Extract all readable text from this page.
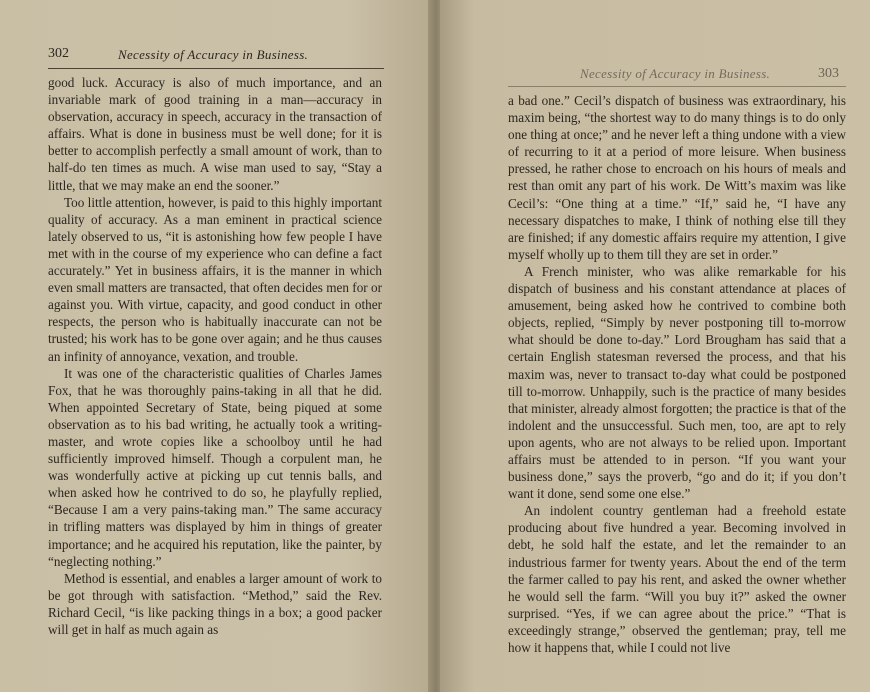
302	Necessity of Accuracy in Business.

good luck. Accuracy is also of much importance, and an invariable mark of good training in a man—accuracy in observation, accuracy in speech, accuracy in the transaction of affairs. What is done in business must be well done; for it is better to accomplish perfectly a small amount of work, than to half-do ten times as much. A wise man used to say, “Stay a little, that we may make an end the sooner.”

Too little attention, however, is paid to this highly important quality of accuracy. As a man eminent in practical science lately observed to us, “it is astonishing how few people I have met with in the course of my experience who can define a fact accurately.” Yet in business affairs, it is the manner in which even small matters are transacted, that often decides men for or against you. With virtue, capacity, and good conduct in other respects, the person who is habitually inaccurate can not be trusted; his work has to be gone over again; and he thus causes an infinity of annoyance, vexation, and trouble.

It was one of the characteristic qualities of Charles James Fox, that he was thoroughly pains-taking in all that he did. When appointed Secretary of State, being piqued at some observation as to his bad writing, he actually took a writing-master, and wrote copies like a schoolboy until he had sufficiently improved himself. Though a corpulent man, he was wonderfully active at picking up cut tennis balls, and when asked how he contrived to do so, he playfully replied, “Because I am a very pains-taking man.” The same accuracy in trifling matters was displayed by him in things of greater importance; and he acquired his reputation, like the painter, by “neglecting nothing.”

Method is essential, and enables a larger amount of work to be got through with satisfaction. “Method,” said the Rev. Richard Cecil, “is like packing things in a box; a good packer will get in half as much again as

Necessity of Accuracy in Business.	303

a bad one.” Cecil’s dispatch of business was extraordinary, his maxim being, “the shortest way to do many things is to do only one thing at once;” and he never left a thing undone with a view of recurring to it at a period of more leisure. When business pressed, he rather chose to encroach on his hours of meals and rest than omit any part of his work. De Witt’s maxim was like Cecil’s: “One thing at a time.” “If,” said he, “I have any necessary dispatches to make, I think of nothing else till they are finished; if any domestic affairs require my attention, I give myself wholly up to them till they are set in order.”

A French minister, who was alike remarkable for his dispatch of business and his constant attendance at places of amusement, being asked how he contrived to combine both objects, replied, “Simply by never postponing till to-morrow what should be done to-day.” Lord Brougham has said that a certain English statesman reversed the process, and that his maxim was, never to transact to-day what could be postponed till to-morrow. Unhappily, such is the practice of many besides that minister, already almost forgotten; the practice is that of the indolent and the unsuccessful. Such men, too, are apt to rely upon agents, who are not always to be relied upon. Important affairs must be attended to in person. “If you want your business done,” says the proverb, “go and do it; if you don’t want it done, send some one else.”

An indolent country gentleman had a freehold estate producing about five hundred a year. Becoming involved in debt, he sold half the estate, and let the remainder to an industrious farmer for twenty years. About the end of the term the farmer called to pay his rent, and asked the owner whether he would sell the farm. “Will you buy it?” asked the owner surprised. “Yes, if we can agree about the price.” “That is exceedingly strange,” observed the gentleman; pray, tell me how it happens that, while I could not live
